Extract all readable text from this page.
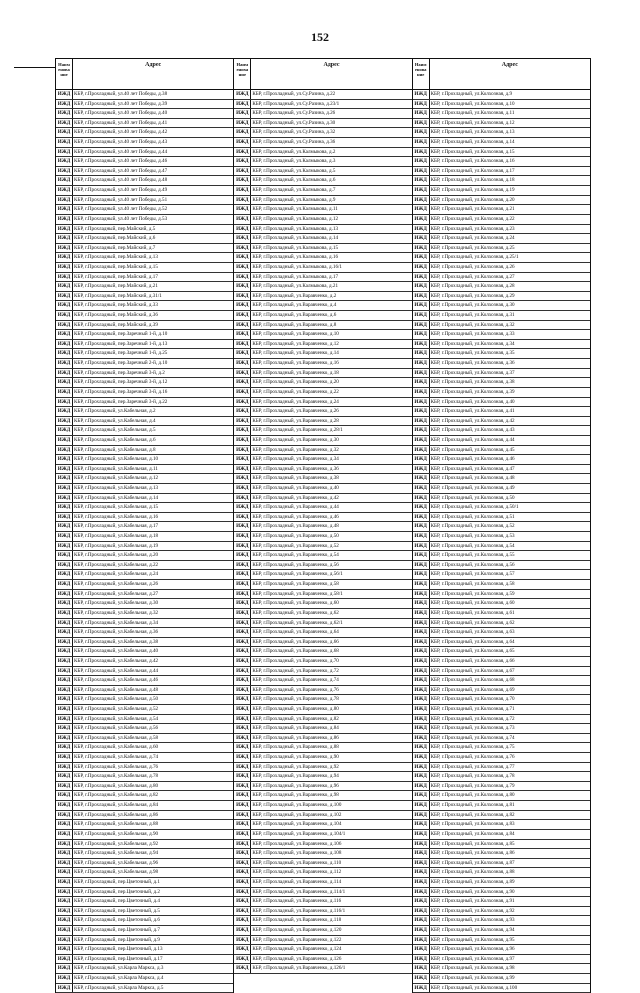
152
Наим енова ние
Адрес
ИЖД КБР, г.Прохладный, ул.40 лет Победы, д.38
ИЖД КБР, г.Прохладный, ул.40 лет Победы, д.39
ИЖД КБР, г.Прохладный, ул.40 лет Победы, д.40
ИЖД КБР, г.Прохладный, ул.40 лет Победы, д.41
ИЖД КБР, г.Прохладный, ул.40 лет Победы, д.42
ИЖД КБР, г.Прохладный, ул.40 лет Победы, д.43
ИЖД КБР, г.Прохладный, ул.40 лет Победы, д.44
ИЖД КБР, г.Прохладный, ул.40 лет Победы, д.46
ИЖД КБР, г.Прохладный, ул.40 лет Победы, д.47
ИЖД КБР, г.Прохладный, ул.40 лет Победы, д.48
ИЖД КБР, г.Прохладный, ул.40 лет Победы, д.49
ИЖД КБР, г.Прохладный, ул.40 лет Победы, д.51
ИЖД КБР, г.Прохладный, ул.40 лет Победы, д.52
ИЖД КБР, г.Прохладный, ул.40 лет Победы, д.53
ИЖД КБР, г.Прохладный, пер.Майский, д.5
ИЖД КБР, г.Прохладный, пер.Майский, д.6
ИЖД КБР, г.Прохладный, пер.Майский, д.7
ИЖД КБР, г.Прохладный, пер.Майский, д.13
ИЖД КБР, г.Прохладный, пер.Майский, д.15
ИЖД КБР, г.Прохладный, пер.Майский, д.17
ИЖД КБР, г.Прохладный, пер.Майский, д.21
ИЖД КБР, г.Прохладный, пер.Майский, д.31/1
ИЖД КБР, г.Прохладный, пер.Майский, д.33
ИЖД КБР, г.Прохладный, пер.Майский, д.36
ИЖД КБР, г.Прохладный, пер.Майский, д.39
ИЖД КБР, г.Прохладный, пер.Заречный 1-й, д.10
ИЖД КБР, г.Прохладный, пер.Заречный 1-й, д.13
ИЖД КБР, г.Прохладный, пер.Заречный 1-й, д.25
ИЖД КБР, г.Прохладный, пер.Заречный 2-й, д.10
ИЖД КБР, г.Прохладный, пер.Заречный 3-й, д.2
ИЖД КБР, г.Прохладный, пер.Заречный 3-й, д.12
ИЖД КБР, г.Прохладный, пер.Заречный 3-й, д.16
ИЖД КБР, г.Прохладный, пер.Заречный 3-й, д.22
ИЖД КБР, г.Прохладный, ул.Кабельная, д.2
ИЖД КБР, г.Прохладный, ул.Кабельная, д.4
ИЖД КБР, г.Прохладный, ул.Кабельная, д.5
ИЖД КБР, г.Прохладный, ул.Кабельная, д.6
ИЖД КБР, г.Прохладный, ул.Кабельная, д.8
ИЖД КБР, г.Прохладный, ул.Кабельная, д.10
ИЖД КБР, г.Прохладный, ул.Кабельная, д.11
ИЖД КБР, г.Прохладный, ул.Кабельная, д.12
ИЖД КБР, г.Прохладный, ул.Кабельная, д.13
ИЖД КБР, г.Прохладный, ул.Кабельная, д.14
ИЖД КБР, г.Прохладный, ул.Кабельная, д.15
ИЖД КБР, г.Прохладный, ул.Кабельная, д.16
ИЖД КБР, г.Прохладный, ул.Кабельная, д.17
ИЖД КБР, г.Прохладный, ул.Кабельная, д.18
ИЖД КБР, г.Прохладный, ул.Кабельная, д.19
ИЖД КБР, г.Прохладный, ул.Кабельная, д.20
ИЖД КБР, г.Прохладный, ул.Кабельная, д.22
ИЖД КБР, г.Прохладный, ул.Кабельная, д.24
ИЖД КБР, г.Прохладный, ул.Кабельная, д.26
ИЖД КБР, г.Прохладный, ул.Кабельная, д.27
ИЖД КБР, г.Прохладный, ул.Кабельная, д.30
ИЖД КБР, г.Прохладный, ул.Кабельная, д.32
ИЖД КБР, г.Прохладный, ул.Кабельная, д.34
ИЖД КБР, г.Прохладный, ул.Кабельная, д.36
ИЖД КБР, г.Прохладный, ул.Кабельная, д.38
ИЖД КБР, г.Прохладный, ул.Кабельная, д.40
ИЖД КБР, г.Прохладный, ул.Кабельная, д.42
ИЖД КБР, г.Прохладный, ул.Кабельная, д.44
ИЖД КБР, г.Прохладный, ул.Кабельная, д.46
ИЖД КБР, г.Прохладный, ул.Кабельная, д.48
ИЖД КБР, г.Прохладный, ул.Кабельная, д.50
ИЖД КБР, г.Прохладный, ул.Кабельная, д.52
ИЖД КБР, г.Прохладный, ул.Кабельная, д.54
ИЖД КБР, г.Прохладный, ул.Кабельная, д.56
ИЖД КБР, г.Прохладный, ул.Кабельная, д.58
ИЖД КБР, г.Прохладный, ул.Кабельная, д.60
ИЖД КБР, г.Прохладный, ул.Кабельная, д.74
ИЖД КБР, г.Прохладный, ул.Кабельная, д.76
ИЖД КБР, г.Прохладный, ул.Кабельная, д.78
ИЖД КБР, г.Прохладный, ул.Кабельная, д.80
ИЖД КБР, г.Прохладный, ул.Кабельная, д.82
ИЖД КБР, г.Прохладный, ул.Кабельная, д.84
ИЖД КБР, г.Прохладный, ул.Кабельная, д.86
ИЖД КБР, г.Прохладный, ул.Кабельная, д.88
ИЖД КБР, г.Прохладный, ул.Кабельная, д.90
ИЖД КБР, г.Прохладный, ул.Кабельная, д.92
ИЖД КБР, г.Прохладный, ул.Кабельная, д.94
ИЖД КБР, г.Прохладный, ул.Кабельная, д.96
ИЖД КБР, г.Прохладный, ул.Кабельная, д.98
ИЖД КБР, г.Прохладный, пер.Цветочный, д.1
ИЖД КБР, г.Прохладный, пер.Цветочный, д.2
ИЖД КБР, г.Прохладный, пер.Цветочный, д.4
ИЖД КБР, г.Прохладный, пер.Цветочный, д.5
ИЖД КБР, г.Прохладный, пер.Цветочный, д.6
ИЖД КБР, г.Прохладный, пер.Цветочный, д.7
ИЖД КБР, г.Прохладный, пер.Цветочный, д.9
ИЖД КБР, г.Прохладный, пер.Цветочный, д.13
ИЖД КБР, г.Прохладный, пер.Цветочный, д.17
ИЖД КБР, г.Прохладный, ул.Карла Маркса, д.3
ИЖД КБР, г.Прохладный, ул.Карла Маркса, д.4
ИЖД КБР, г.Прохладный, ул.Карла Маркса, д.5
Наим енова ние
Адрес
ИЖД КБР, г.Прохладный, ул.Су.Разина, д.22
ИЖД КБР, г.Прохладный, ул.Су.Разина, д.23/1
ИЖД КБР, г.Прохладный, ул.Су.Разина, д.26
ИЖД КБР, г.Прохладный, ул.Су.Разина, д.30
ИЖД КБР, г.Прохладный, ул.Су.Разина, д.32
ИЖД КБР, г.Прохладный, ул.Су.Разина, д.36
ИЖД КБР, г.Прохладный, ул.Калмыкова, д.2
ИЖД КБР, г.Прохладный, ул.Калмыкова, д.3
ИЖД КБР, г.Прохладный, ул.Калмыкова, д.5
ИЖД КБР, г.Прохладный, ул.Калмыкова, д.6
ИЖД КБР, г.Прохладный, ул.Калмыкова, д.7
ИЖД КБР, г.Прохладный, ул.Калмыкова, д.9
ИЖД КБР, г.Прохладный, ул.Калмыкова, д.11
ИЖД КБР, г.Прохладный, ул.Калмыкова, д.12
ИЖД КБР, г.Прохладный, ул.Калмыкова, д.13
ИЖД КБР, г.Прохладный, ул.Калмыкова, д.14
ИЖД КБР, г.Прохладный, ул.Калмыкова, д.15
ИЖД КБР, г.Прохладный, ул.Калмыкова, д.16
ИЖД КБР, г.Прохладный, ул.Калмыкова, д.16/1
ИЖД КБР, г.Прохладный, ул.Калмыкова, д.17
ИЖД КБР, г.Прохладный, ул.Калмыкова, д.21
ИЖД КБР, г.Прохладный, ул.Варавченко, д.2
ИЖД КБР, г.Прохладный, ул.Варавченко, д.4
ИЖД КБР, г.Прохладный, ул.Варавченко, д.6
ИЖД КБР, г.Прохладный, ул.Варавченко, д.8
ИЖД КБР, г.Прохладный, ул.Варавченко, д.10
ИЖД КБР, г.Прохладный, ул.Варавченко, д.12
ИЖД КБР, г.Прохладный, ул.Варавченко, д.14
ИЖД КБР, г.Прохладный, ул.Варавченко, д.16
ИЖД КБР, г.Прохладный, ул.Варавченко, д.18
ИЖД КБР, г.Прохладный, ул.Варавченко, д.20
ИЖД КБР, г.Прохладный, ул.Варавченко, д.22
ИЖД КБР, г.Прохладный, ул.Варавченко, д.24
ИЖД КБР, г.Прохладный, ул.Варавченко, д.26
ИЖД КБР, г.Прохладный, ул.Варавченко, д.28
ИЖД КБР, г.Прохладный, ул.Варавченко, д.28/1
ИЖД КБР, г.Прохладный, ул.Варавченко, д.30
ИЖД КБР, г.Прохладный, ул.Варавченко, д.32
ИЖД КБР, г.Прохладный, ул.Варавченко, д.34
ИЖД КБР, г.Прохладный, ул.Варавченко, д.36
ИЖД КБР, г.Прохладный, ул.Варавченко, д.38
ИЖД КБР, г.Прохладный, ул.Варавченко, д.40
ИЖД КБР, г.Прохладный, ул.Варавченко, д.42
ИЖД КБР, г.Прохладный, ул.Варавченко, д.44
ИЖД КБР, г.Прохладный, ул.Варавченко, д.46
ИЖД КБР, г.Прохладный, ул.Варавченко, д.48
ИЖД КБР, г.Прохладный, ул.Варавченко, д.50
ИЖД КБР, г.Прохладный, ул.Варавченко, д.52
ИЖД КБР, г.Прохладный, ул.Варавченко, д.54
ИЖД КБР, г.Прохладный, ул.Варавченко, д.56
ИЖД КБР, г.Прохладный, ул.Варавченко, д.56/1
ИЖД КБР, г.Прохладный, ул.Варавченко, д.58
ИЖД КБР, г.Прохладный, ул.Варавченко, д.58/1
ИЖД КБР, г.Прохладный, ул.Варавченко, д.60
ИЖД КБР, г.Прохладный, ул.Варавченко, д.62
ИЖД КБР, г.Прохладный, ул.Варавченко, д.62/1
ИЖД КБР, г.Прохладный, ул.Варавченко, д.64
ИЖД КБР, г.Прохладный, ул.Варавченко, д.66
ИЖД КБР, г.Прохладный, ул.Варавченко, д.68
ИЖД КБР, г.Прохладный, ул.Варавченко, д.70
ИЖД КБР, г.Прохладный, ул.Варавченко, д.72
ИЖД КБР, г.Прохладный, ул.Варавченко, д.74
ИЖД КБР, г.Прохладный, ул.Варавченко, д.76
ИЖД КБР, г.Прохладный, ул.Варавченко, д.78
ИЖД КБР, г.Прохладный, ул.Варавченко, д.80
ИЖД КБР, г.Прохладный, ул.Варавченко, д.82
ИЖД КБР, г.Прохладный, ул.Варавченко, д.84
ИЖД КБР, г.Прохладный, ул.Варавченко, д.86
ИЖД КБР, г.Прохладный, ул.Варавченко, д.88
ИЖД КБР, г.Прохладный, ул.Варавченко, д.90
ИЖД КБР, г.Прохладный, ул.Варавченко, д.92
ИЖД КБР, г.Прохладный, ул.Варавченко, д.94
ИЖД КБР, г.Прохладный, ул.Варавченко, д.96
ИЖД КБР, г.Прохладный, ул.Варавченко, д.98
ИЖД КБР, г.Прохладный, ул.Варавченко, д.100
ИЖД КБР, г.Прохладный, ул.Варавченко, д.102
ИЖД КБР, г.Прохладный, ул.Варавченко, д.104
ИЖД КБР, г.Прохладный, ул.Варавченко, д.104/1
ИЖД КБР, г.Прохладный, ул.Варавченко, д.106
ИЖД КБР, г.Прохладный, ул.Варавченко, д.108
ИЖД КБР, г.Прохладный, ул.Варавченко, д.110
ИЖД КБР, г.Прохладный, ул.Варавченко, д.112
ИЖД КБР, г.Прохладный, ул.Варавченко, д.114
ИЖД КБР, г.Прохладный, ул.Варавченко, д.114/1
ИЖД КБР, г.Прохладный, ул.Варавченко, д.116
ИЖД КБР, г.Прохладный, ул.Варавченко, д.116/1
ИЖД КБР, г.Прохладный, ул.Варавченко, д.118
ИЖД КБР, г.Прохладный, ул.Варавченко, д.120
ИЖД КБР, г.Прохладный, ул.Варавченко, д.122
ИЖД КБР, г.Прохладный, ул.Варавченко, д.124
ИЖД КБР, г.Прохладный, ул.Варавченко, д.126
ИЖД КБР, г.Прохладный, ул.Варавченко, д.126/1
Наим енова ние
Адрес
ИЖД КБР, г.Прохладный, ул.Колхозная, д.9
ИЖД КБР, г.Прохладный, ул.Колхозная, д.10
ИЖД КБР, г.Прохладный, ул.Колхозная, д.11
ИЖД КБР, г.Прохладный, ул.Колхозная, д.12
ИЖД КБР, г.Прохладный, ул.Колхозная, д.13
ИЖД КБР, г.Прохладный, ул.Колхозная, д.14
ИЖД КБР, г.Прохладный, ул.Колхозная, д.15
ИЖД КБР, г.Прохладный, ул.Колхозная, д.16
ИЖД КБР, г.Прохладный, ул.Колхозная, д.17
ИЖД КБР, г.Прохладный, ул.Колхозная, д.18
ИЖД КБР, г.Прохладный, ул.Колхозная, д.19
ИЖД КБР, г.Прохладный, ул.Колхозная, д.20
ИЖД КБР, г.Прохладный, ул.Колхозная, д.21
ИЖД КБР, г.Прохладный, ул.Колхозная, д.22
ИЖД КБР, г.Прохладный, ул.Колхозная, д.23
ИЖД КБР, г.Прохладный, ул.Колхозная, д.24
ИЖД КБР, г.Прохладный, ул.Колхозная, д.25
ИЖД КБР, г.Прохладный, ул.Колхозная, д.25/1
ИЖД КБР, г.Прохладный, ул.Колхозная, д.26
ИЖД КБР, г.Прохладный, ул.Колхозная, д.27
ИЖД КБР, г.Прохладный, ул.Колхозная, д.28
ИЖД КБР, г.Прохладный, ул.Колхозная, д.29
ИЖД КБР, г.Прохладный, ул.Колхозная, д.30
ИЖД КБР, г.Прохладный, ул.Колхозная, д.31
ИЖД КБР, г.Прохладный, ул.Колхозная, д.32
ИЖД КБР, г.Прохладный, ул.Колхозная, д.33
ИЖД КБР, г.Прохладный, ул.Колхозная, д.34
ИЖД КБР, г.Прохладный, ул.Колхозная, д.35
ИЖД КБР, г.Прохладный, ул.Колхозная, д.36
ИЖД КБР, г.Прохладный, ул.Колхозная, д.37
ИЖД КБР, г.Прохладный, ул.Колхозная, д.38
ИЖД КБР, г.Прохладный, ул.Колхозная, д.39
ИЖД КБР, г.Прохладный, ул.Колхозная, д.40
ИЖД КБР, г.Прохладный, ул.Колхозная, д.41
ИЖД КБР, г.Прохладный, ул.Колхозная, д.42
ИЖД КБР, г.Прохладный, ул.Колхозная, д.43
ИЖД КБР, г.Прохладный, ул.Колхозная, д.44
ИЖД КБР, г.Прохладный, ул.Колхозная, д.45
ИЖД КБР, г.Прохладный, ул.Колхозная, д.46
ИЖД КБР, г.Прохладный, ул.Колхозная, д.47
ИЖД КБР, г.Прохладный, ул.Колхозная, д.48
ИЖД КБР, г.Прохладный, ул.Колхозная, д.49
ИЖД КБР, г.Прохладный, ул.Колхозная, д.50
ИЖД КБР, г.Прохладный, ул.Колхозная, д.50/1
ИЖД КБР, г.Прохладный, ул.Колхозная, д.51
ИЖД КБР, г.Прохладный, ул.Колхозная, д.52
ИЖД КБР, г.Прохладный, ул.Колхозная, д.53
ИЖД КБР, г.Прохладный, ул.Колхозная, д.54
ИЖД КБР, г.Прохладный, ул.Колхозная, д.55
ИЖД КБР, г.Прохладный, ул.Колхозная, д.56
ИЖД КБР, г.Прохладный, ул.Колхозная, д.57
ИЖД КБР, г.Прохладный, ул.Колхозная, д.58
ИЖД КБР, г.Прохладный, ул.Колхозная, д.59
ИЖД КБР, г.Прохладный, ул.Колхозная, д.60
ИЖД КБР, г.Прохладный, ул.Колхозная, д.61
ИЖД КБР, г.Прохладный, ул.Колхозная, д.62
ИЖД КБР, г.Прохладный, ул.Колхозная, д.63
ИЖД КБР, г.Прохладный, ул.Колхозная, д.64
ИЖД КБР, г.Прохладный, ул.Колхозная, д.65
ИЖД КБР, г.Прохладный, ул.Колхозная, д.66
ИЖД КБР, г.Прохладный, ул.Колхозная, д.67
ИЖД КБР, г.Прохладный, ул.Колхозная, д.68
ИЖД КБР, г.Прохладный, ул.Колхозная, д.69
ИЖД КБР, г.Прохладный, ул.Колхозная, д.70
ИЖД КБР, г.Прохладный, ул.Колхозная, д.71
ИЖД КБР, г.Прохладный, ул.Колхозная, д.72
ИЖД КБР, г.Прохладный, ул.Колхозная, д.73
ИЖД КБР, г.Прохладный, ул.Колхозная, д.74
ИЖД КБР, г.Прохладный, ул.Колхозная, д.75
ИЖД КБР, г.Прохладный, ул.Колхозная, д.76
ИЖД КБР, г.Прохладный, ул.Колхозная, д.77
ИЖД КБР, г.Прохладный, ул.Колхозная, д.78
ИЖД КБР, г.Прохладный, ул.Колхозная, д.79
ИЖД КБР, г.Прохладный, ул.Колхозная, д.80
ИЖД КБР, г.Прохладный, ул.Колхозная, д.81
ИЖД КБР, г.Прохладный, ул.Колхозная, д.82
ИЖД КБР, г.Прохладный, ул.Колхозная, д.83
ИЖД КБР, г.Прохладный, ул.Колхозная, д.84
ИЖД КБР, г.Прохладный, ул.Колхозная, д.85
ИЖД КБР, г.Прохладный, ул.Колхозная, д.86
ИЖД КБР, г.Прохладный, ул.Колхозная, д.87
ИЖД КБР, г.Прохладный, ул.Колхозная, д.88
ИЖД КБР, г.Прохладный, ул.Колхозная, д.89
ИЖД КБР, г.Прохладный, ул.Колхозная, д.90
ИЖД КБР, г.Прохладный, ул.Колхозная, д.91
ИЖД КБР, г.Прохладный, ул.Колхозная, д.92
ИЖД КБР, г.Прохладный, ул.Колхозная, д.93
ИЖД КБР, г.Прохладный, ул.Колхозная, д.94
ИЖД КБР, г.Прохладный, ул.Колхозная, д.95
ИЖД КБР, г.Прохладный, ул.Колхозная, д.96
ИЖД КБР, г.Прохладный, ул.Колхозная, д.97
ИЖД КБР, г.Прохладный, ул.Колхозная, д.98
ИЖД КБР, г.Прохладный, ул.Колхозная, д.99
ИЖД КБР, г.Прохладный, ул.Колхозная, д.100
